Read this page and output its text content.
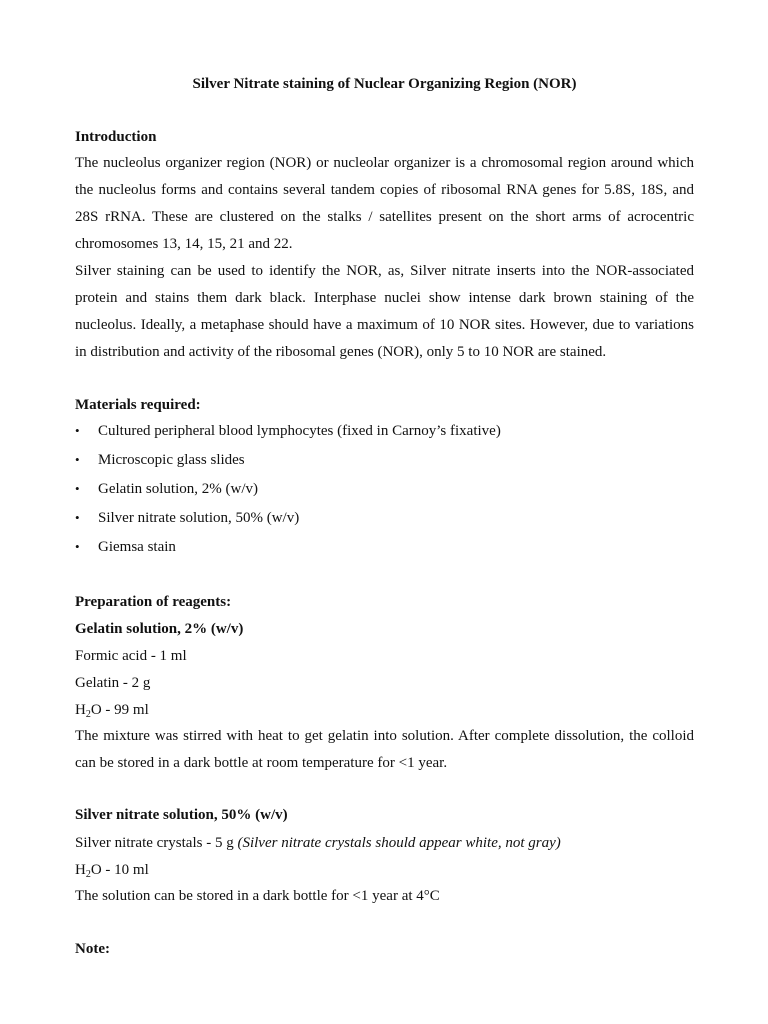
Silver Nitrate staining of Nuclear Organizing Region (NOR)
Introduction

The nucleolus organizer region (NOR) or nucleolar organizer is a chromosomal region around which the nucleolus forms and contains several tandem copies of ribosomal RNA genes for 5.8S, 18S, and 28S rRNA. These are clustered on the stalks / satellites present on the short arms of acrocentric chromosomes 13, 14, 15, 21 and 22.

Silver staining can be used to identify the NOR, as, Silver nitrate inserts into the NOR-associated protein and stains them dark black. Interphase nuclei show intense dark brown staining of the nucleolus. Ideally, a metaphase should have a maximum of 10 NOR sites. However, due to variations in distribution and activity of the ribosomal genes (NOR), only 5 to 10 NOR are stained.

Materials required:
• Cultured peripheral blood lymphocytes (fixed in Carnoy’s fixative)
• Microscopic glass slides
• Gelatin solution, 2% (w/v)
• Silver nitrate solution, 50% (w/v)
• Giemsa stain
Preparation of reagents:
Gelatin solution, 2% (w/v)

Formic acid - 1 ml

Gelatin - 2 g

$H_2O - 99$ ml

The mixture was stirred with heat to get gelatin into solution. After complete dissolution, the colloid can be stored in a dark bottle at room temperature for <1 year.

Silver nitrate solution, 50% (w/v)

Silver nitrate crystals - 5 g (Silver nitrate crystals should appear white, not gray)

$H_2O - 10$ ml

The solution can be stored in a dark bottle for <1 year at 4°C

Note:
